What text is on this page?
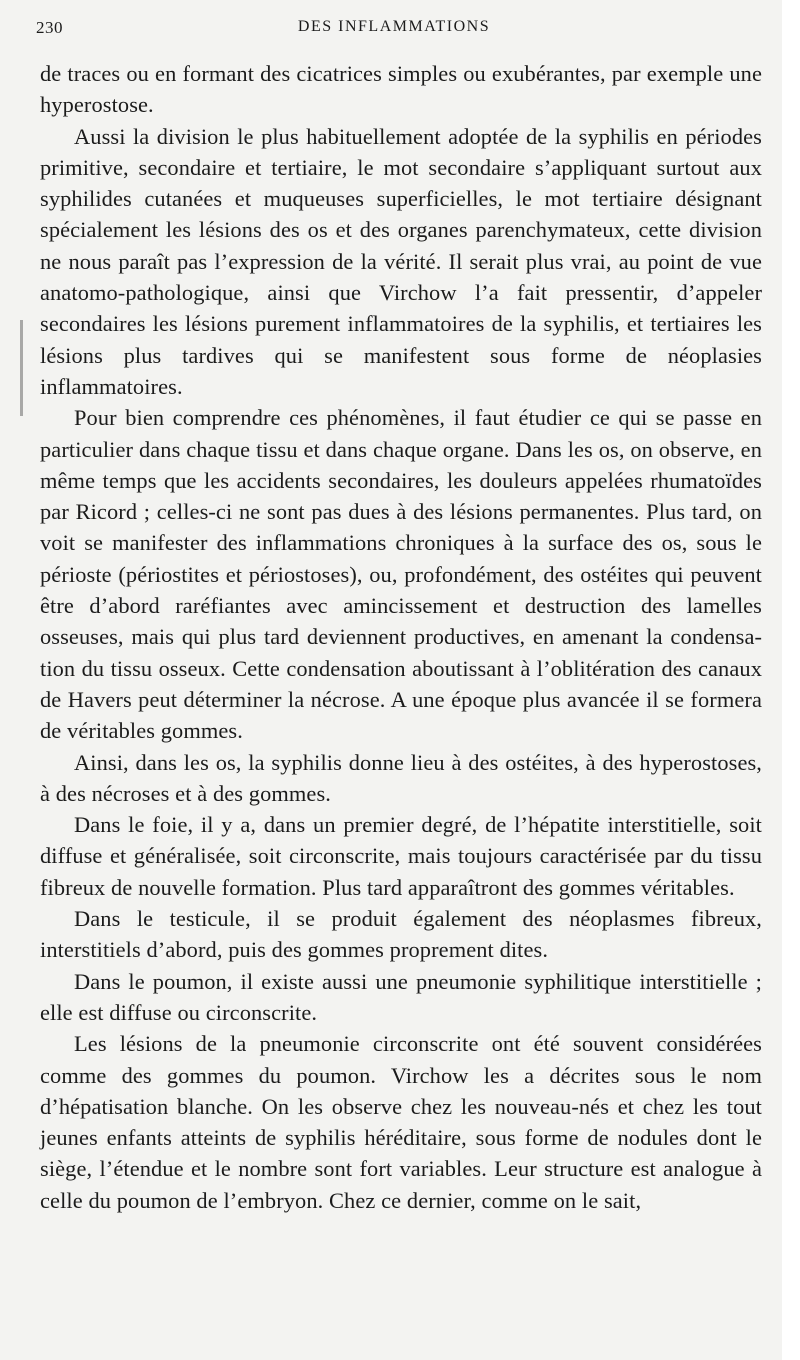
230	DES INFLAMMATIONS

de traces ou en formant des cicatrices simples ou exubérantes, par exemple une hyperostose.

Aussi la division le plus habituellement adoptée de la syphilis en périodes primitive, secondaire et tertiaire, le mot secondaire s’appliquant surtout aux syphilides cutanées et muqueuses superficielles, le mot tertiaire désignant spécialement les lésions des os et des organes parenchymateux, cette division ne nous paraît pas l’expression de la vérité. Il serait plus vrai, au point de vue anatomo-pathologique, ainsi que Virchow l’a fait pressentir, d’appeler secondaires les lésions purement inflammatoires de la syphilis, et tertiaires les lésions plus tardives qui se manifestent sous forme de néoplasies inflammatoires.

Pour bien comprendre ces phénomènes, il faut étudier ce qui se passe en particulier dans chaque tissu et dans chaque organe. Dans les os, on observe, en même temps que les accidents secondaires, les douleurs appelées rhumatoïdes par Ricord ; celles-ci ne sont pas dues à des lésions permanentes. Plus tard, on voit se manifester des inflammations chroniques à la surface des os, sous le périoste (périostites et périostoses), ou, profondément, des ostéites qui peuvent être d’abord raréfiantes avec amincissement et destruction des lamelles osseuses, mais qui plus tard deviennent productives, en amenant la condensation du tissu osseux. Cette condensation aboutissant à l’oblitération des canaux de Havers peut déterminer la nécrose. A une époque plus avancée il se formera de véritables gommes.

Ainsi, dans les os, la syphilis donne lieu à des ostéites, à des hyperostoses, à des nécroses et à des gommes.

Dans le foie, il y a, dans un premier degré, de l’hépatite interstitielle, soit diffuse et généralisée, soit circonscrite, mais toujours caractérisée par du tissu fibreux de nouvelle formation. Plus tard apparaîtront des gommes véritables.

Dans le testicule, il se produit également des néoplasmes fibreux, interstitiels d’abord, puis des gommes proprement dites.

Dans le poumon, il existe aussi une pneumonie syphilitique interstitielle ; elle est diffuse ou circonscrite.

Les lésions de la pneumonie circonscrite ont été souvent considérées comme des gommes du poumon. Virchow les a décrites sous le nom d’hépatisation blanche. On les observe chez les nouveau-nés et chez les tout jeunes enfants atteints de syphilis héréditaire, sous forme de nodules dont le siège, l’étendue et le nombre sont fort variables. Leur structure est analogue à celle du poumon de l’embryon. Chez ce dernier, comme on le sait,
